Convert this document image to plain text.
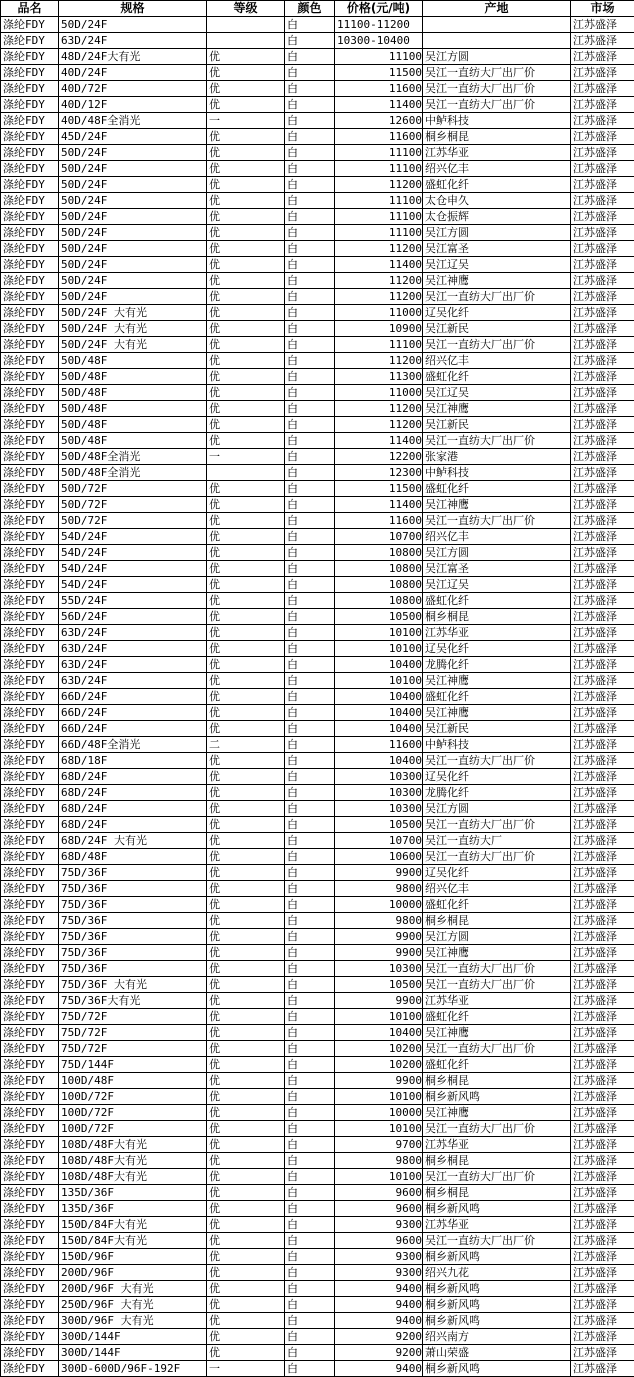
品名	规格	等级	颜色	价格(元/吨)	产地	市场
涤纶FDY	50D/24F		白	11100-11200		江苏盛泽
涤纶FDY	63D/24F		白	10300-10400		江苏盛泽
涤纶FDY	48D/24F大有光	优	白	11100	吴江方圆	江苏盛泽
涤纶FDY	40D/24F	优	白	11500	吴江一直纺大厂出厂价	江苏盛泽
涤纶FDY	40D/72F	优	白	11600	吴江一直纺大厂出厂价	江苏盛泽
涤纶FDY	40D/12F	优	白	11400	吴江一直纺大厂出厂价	江苏盛泽
涤纶FDY	40D/48F全消光	一	白	12600	中鲈科技	江苏盛泽
涤纶FDY	45D/24F	优	白	11600	桐乡桐昆	江苏盛泽
涤纶FDY	50D/24F	优	白	11100	江苏华亚	江苏盛泽
涤纶FDY	50D/24F	优	白	11100	绍兴亿丰	江苏盛泽
涤纶FDY	50D/24F	优	白	11200	盛虹化纤	江苏盛泽
涤纶FDY	50D/24F	优	白	11100	太仓申久	江苏盛泽
涤纶FDY	50D/24F	优	白	11100	太仓振辉	江苏盛泽
涤纶FDY	50D/24F	优	白	11100	吴江方圆	江苏盛泽
涤纶FDY	50D/24F	优	白	11200	吴江富圣	江苏盛泽
涤纶FDY	50D/24F	优	白	11400	吴江辽吴	江苏盛泽
涤纶FDY	50D/24F	优	白	11200	吴江神鹰	江苏盛泽
涤纶FDY	50D/24F	优	白	11200	吴江一直纺大厂出厂价	江苏盛泽
涤纶FDY	50D/24F 大有光	优	白	11000	辽吴化纤	江苏盛泽
涤纶FDY	50D/24F 大有光	优	白	10900	吴江新民	江苏盛泽
涤纶FDY	50D/24F 大有光	优	白	11100	吴江一直纺大厂出厂价	江苏盛泽
涤纶FDY	50D/48F	优	白	11200	绍兴亿丰	江苏盛泽
涤纶FDY	50D/48F	优	白	11300	盛虹化纤	江苏盛泽
涤纶FDY	50D/48F	优	白	11000	吴江辽吴	江苏盛泽
涤纶FDY	50D/48F	优	白	11200	吴江神鹰	江苏盛泽
涤纶FDY	50D/48F	优	白	11200	吴江新民	江苏盛泽
涤纶FDY	50D/48F	优	白	11400	吴江一直纺大厂出厂价	江苏盛泽
涤纶FDY	50D/48F全消光	一	白	12200	张家港	江苏盛泽
涤纶FDY	50D/48F全消光		白	12300	中鲈科技	江苏盛泽
涤纶FDY	50D/72F	优	白	11500	盛虹化纤	江苏盛泽
涤纶FDY	50D/72F	优	白	11400	吴江神鹰	江苏盛泽
涤纶FDY	50D/72F	优	白	11600	吴江一直纺大厂出厂价	江苏盛泽
涤纶FDY	54D/24F	优	白	10700	绍兴亿丰	江苏盛泽
涤纶FDY	54D/24F	优	白	10800	吴江方圆	江苏盛泽
涤纶FDY	54D/24F	优	白	10800	吴江富圣	江苏盛泽
涤纶FDY	54D/24F	优	白	10800	吴江辽吴	江苏盛泽
涤纶FDY	55D/24F	优	白	10800	盛虹化纤	江苏盛泽
涤纶FDY	56D/24F	优	白	10500	桐乡桐昆	江苏盛泽
涤纶FDY	63D/24F	优	白	10100	江苏华亚	江苏盛泽
涤纶FDY	63D/24F	优	白	10100	辽吴化纤	江苏盛泽
涤纶FDY	63D/24F	优	白	10400	龙腾化纤	江苏盛泽
涤纶FDY	63D/24F	优	白	10100	吴江神鹰	江苏盛泽
涤纶FDY	66D/24F	优	白	10400	盛虹化纤	江苏盛泽
涤纶FDY	66D/24F	优	白	10400	吴江神鹰	江苏盛泽
涤纶FDY	66D/24F	优	白	10400	吴江新民	江苏盛泽
涤纶FDY	66D/48F全消光	二	白	11600	中鲈科技	江苏盛泽
涤纶FDY	68D/18F	优	白	10400	吴江一直纺大厂出厂价	江苏盛泽
涤纶FDY	68D/24F	优	白	10300	辽吴化纤	江苏盛泽
涤纶FDY	68D/24F	优	白	10300	龙腾化纤	江苏盛泽
涤纶FDY	68D/24F	优	白	10300	吴江方圆	江苏盛泽
涤纶FDY	68D/24F	优	白	10500	吴江一直纺大厂出厂价	江苏盛泽
涤纶FDY	68D/24F 大有光	优	白	10700	吴江一直纺大厂	江苏盛泽
涤纶FDY	68D/48F	优	白	10600	吴江一直纺大厂出厂价	江苏盛泽
涤纶FDY	75D/36F	优	白	9900	辽吴化纤	江苏盛泽
涤纶FDY	75D/36F	优	白	9800	绍兴亿丰	江苏盛泽
涤纶FDY	75D/36F	优	白	10000	盛虹化纤	江苏盛泽
涤纶FDY	75D/36F	优	白	9800	桐乡桐昆	江苏盛泽
涤纶FDY	75D/36F	优	白	9900	吴江方圆	江苏盛泽
涤纶FDY	75D/36F	优	白	9900	吴江神鹰	江苏盛泽
涤纶FDY	75D/36F	优	白	10300	吴江一直纺大厂出厂价	江苏盛泽
涤纶FDY	75D/36F 大有光	优	白	10500	吴江一直纺大厂出厂价	江苏盛泽
涤纶FDY	75D/36F大有光	优	白	9900	江苏华亚	江苏盛泽
涤纶FDY	75D/72F	优	白	10100	盛虹化纤	江苏盛泽
涤纶FDY	75D/72F	优	白	10400	吴江神鹰	江苏盛泽
涤纶FDY	75D/72F	优	白	10200	吴江一直纺大厂出厂价	江苏盛泽
涤纶FDY	75D/144F	优	白	10200	盛虹化纤	江苏盛泽
涤纶FDY	100D/48F	优	白	9900	桐乡桐昆	江苏盛泽
涤纶FDY	100D/72F	优	白	10100	桐乡新风鸣	江苏盛泽
涤纶FDY	100D/72F	优	白	10000	吴江神鹰	江苏盛泽
涤纶FDY	100D/72F	优	白	10100	吴江一直纺大厂出厂价	江苏盛泽
涤纶FDY	108D/48F大有光	优	白	9700	江苏华亚	江苏盛泽
涤纶FDY	108D/48F大有光	优	白	9800	桐乡桐昆	江苏盛泽
涤纶FDY	108D/48F大有光	优	白	10100	吴江一直纺大厂出厂价	江苏盛泽
涤纶FDY	135D/36F	优	白	9600	桐乡桐昆	江苏盛泽
涤纶FDY	135D/36F	优	白	9600	桐乡新风鸣	江苏盛泽
涤纶FDY	150D/84F大有光	优	白	9300	江苏华亚	江苏盛泽
涤纶FDY	150D/84F大有光	优	白	9600	吴江一直纺大厂出厂价	江苏盛泽
涤纶FDY	150D/96F	优	白	9300	桐乡新风鸣	江苏盛泽
涤纶FDY	200D/96F	优	白	9300	绍兴九花	江苏盛泽
涤纶FDY	200D/96F 大有光	优	白	9400	桐乡新风鸣	江苏盛泽
涤纶FDY	250D/96F 大有光	优	白	9400	桐乡新风鸣	江苏盛泽
涤纶FDY	300D/96F 大有光	优	白	9400	桐乡新风鸣	江苏盛泽
涤纶FDY	300D/144F	优	白	9200	绍兴南方	江苏盛泽
涤纶FDY	300D/144F	优	白	9200	萧山荣盛	江苏盛泽
涤纶FDY	300D-600D/96F-192F	一	白	9400	桐乡新风鸣	江苏盛泽
